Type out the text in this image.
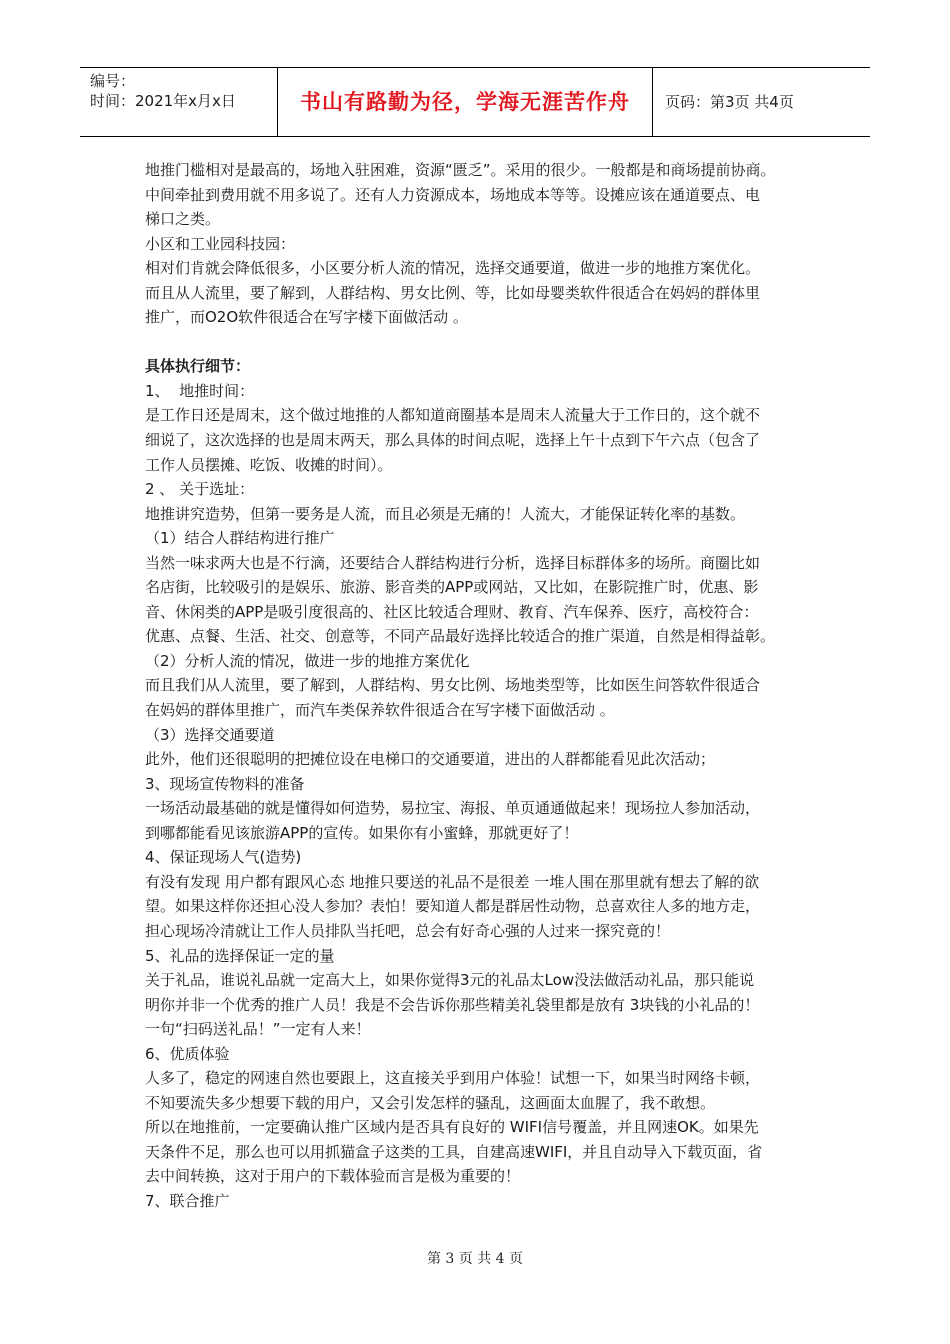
编号：
时间：2021年x月x日	书山有路勤为径，学海无涯苦作舟	页码：第3页 共4页

地推门槛相对是最高的，场地入驻困难，资源“匮乏”。采用的很少。一般都是和商场提前协商。

中间牵扯到费用就不用多说了。还有人力资源成本，场地成本等等。设摊应该在通道要点、电

梯口之类。

小区和工业园科技园：

相对们肯就会降低很多，小区要分析人流的情况，选择交通要道，做进一步的地推方案优化。

而且从人流里，要了解到，人群结构、男女比例、等，比如母婴类软件很适合在妈妈的群体里

推广，而O2O软件很适合在写字楼下面做活动 。

具体执行细节：

1、  地推时间：

是工作日还是周末，这个做过地推的人都知道商圈基本是周末人流量大于工作日的，这个就不

细说了，这次选择的也是周末两天，那么具体的时间点呢，选择上午十点到下午六点（包含了

工作人员摆摊、吃饭、收摊的时间）。

2 、 关于选址：

地推讲究造势，但第一要务是人流，而且必须是无痛的！人流大，才能保证转化率的基数。

（1）结合人群结构进行推广

当然一味求两大也是不行滴，还要结合人群结构进行分析，选择目标群体多的场所。商圈比如

名店街，比较吸引的是娱乐、旅游、影音类的APP或网站，又比如，在影院推广时，优惠、影

音、休闲类的APP是吸引度很高的、社区比较适合理财、教育、汽车保养、医疗，高校符合：

优惠、点餐、生活、社交、创意等，不同产品最好选择比较适合的推广渠道，自然是相得益彰。

（2）分析人流的情况，做进一步的地推方案优化

而且我们从人流里，要了解到，人群结构、男女比例、场地类型等，比如医生问答软件很适合

在妈妈的群体里推广，而汽车类保养软件很适合在写字楼下面做活动 。

（3）选择交通要道

此外，他们还很聪明的把摊位设在电梯口的交通要道，进出的人群都能看见此次活动；

3、现场宣传物料的准备

一场活动最基础的就是懂得如何造势，易拉宝、海报、单页通通做起来！现场拉人参加活动，

到哪都能看见该旅游APP的宣传。如果你有小蜜蜂，那就更好了！

4、保证现场人气(造势)

有没有发现 用户都有跟风心态 地推只要送的礼品不是很差 一堆人围在那里就有想去了解的欲

望。如果这样你还担心没人参加？表怕！要知道人都是群居性动物，总喜欢往人多的地方走，

担心现场冷清就让工作人员排队当托吧，总会有好奇心强的人过来一探究竟的！

5、礼品的选择保证一定的量

关于礼品，谁说礼品就一定高大上，如果你觉得3元的礼品太Low没法做活动礼品，那只能说

明你并非一个优秀的推广人员！我是不会告诉你那些精美礼袋里都是放有 3块钱的小礼品的！

一句“扫码送礼品！”一定有人来！

6、优质体验

人多了，稳定的网速自然也要跟上，这直接关乎到用户体验！试想一下，如果当时网络卡顿，

不知要流失多少想要下载的用户，又会引发怎样的骚乱，这画面太血腥了，我不敢想。

所以在地推前，一定要确认推广区域内是否具有良好的 WIFI信号覆盖，并且网速OK。如果先

天条件不足，那么也可以用抓猫盒子这类的工具，自建高速WIFI，并且自动导入下载页面，省

去中间转换，这对于用户的下载体验而言是极为重要的！

7、联合推广

第 3 页 共 4 页
